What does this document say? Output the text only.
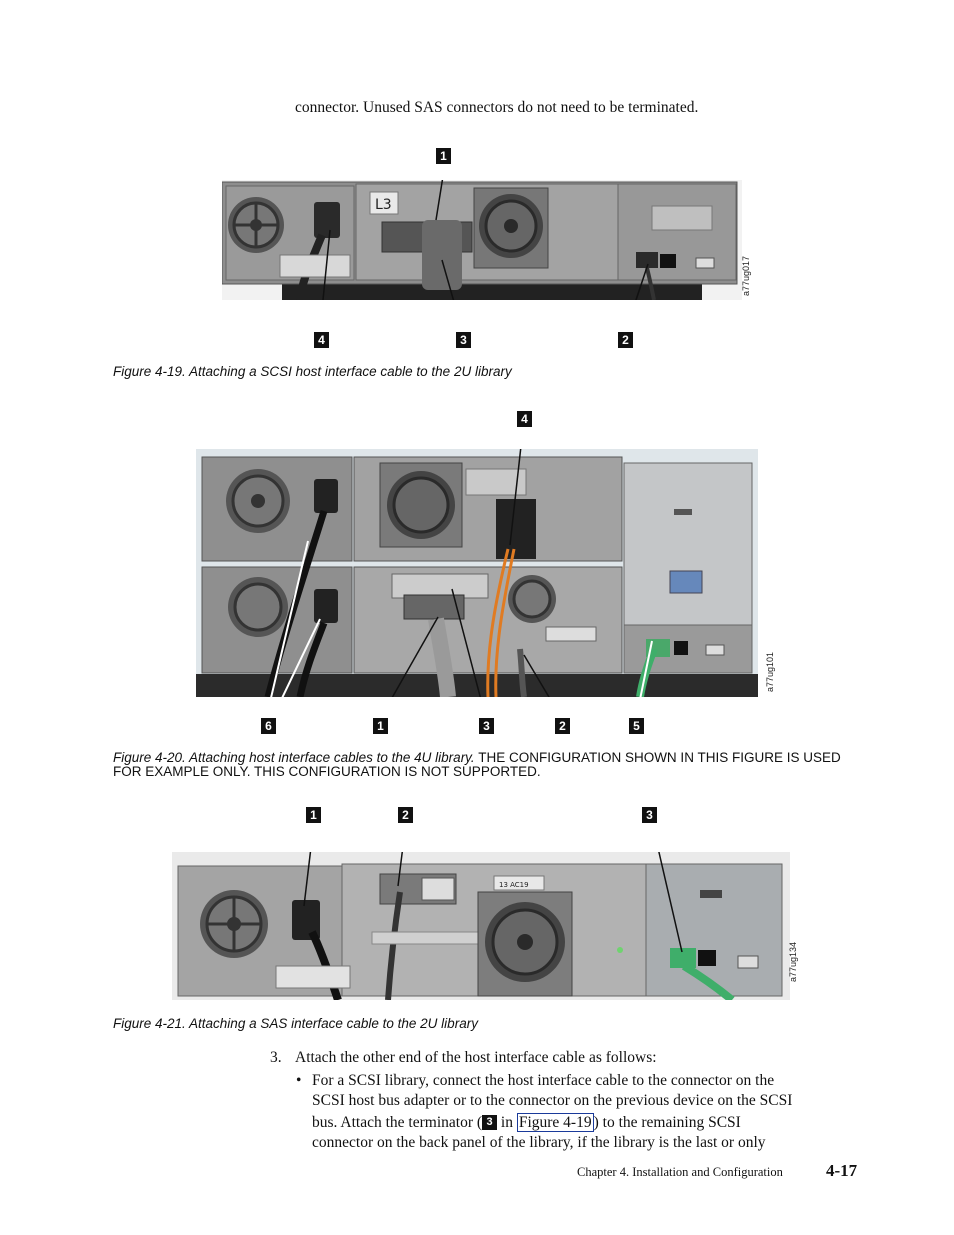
connector. Unused SAS connectors do not need to be terminated.
L3
a77ug017
1
4	3	2
Figure 4-19. Attaching a SCSI host interface cable to the 2U library
a77ug101
4
6	1	3	2	5
Figure 4-20. Attaching host interface cables to the 4U library. THE CONFIGURATION SHOWN IN THIS FIGURE IS USED FOR EXAMPLE ONLY. THIS CONFIGURATION IS NOT SUPPORTED.
13 AC19
a77ug134
1	2	3
Figure 4-21. Attaching a SAS interface cable to the 2U library
3. Attach the other end of the host interface cable as follows:
• For a SCSI library, connect the host interface cable to the connector on the
SCSI host bus adapter or to the connector on the previous device on the SCSI
bus. Attach the terminator ( 3 in Figure 4-19 ) to the remaining SCSI
connector on the back panel of the library, if the library is the last or only
Chapter 4. Installation and Configuration	4-17
